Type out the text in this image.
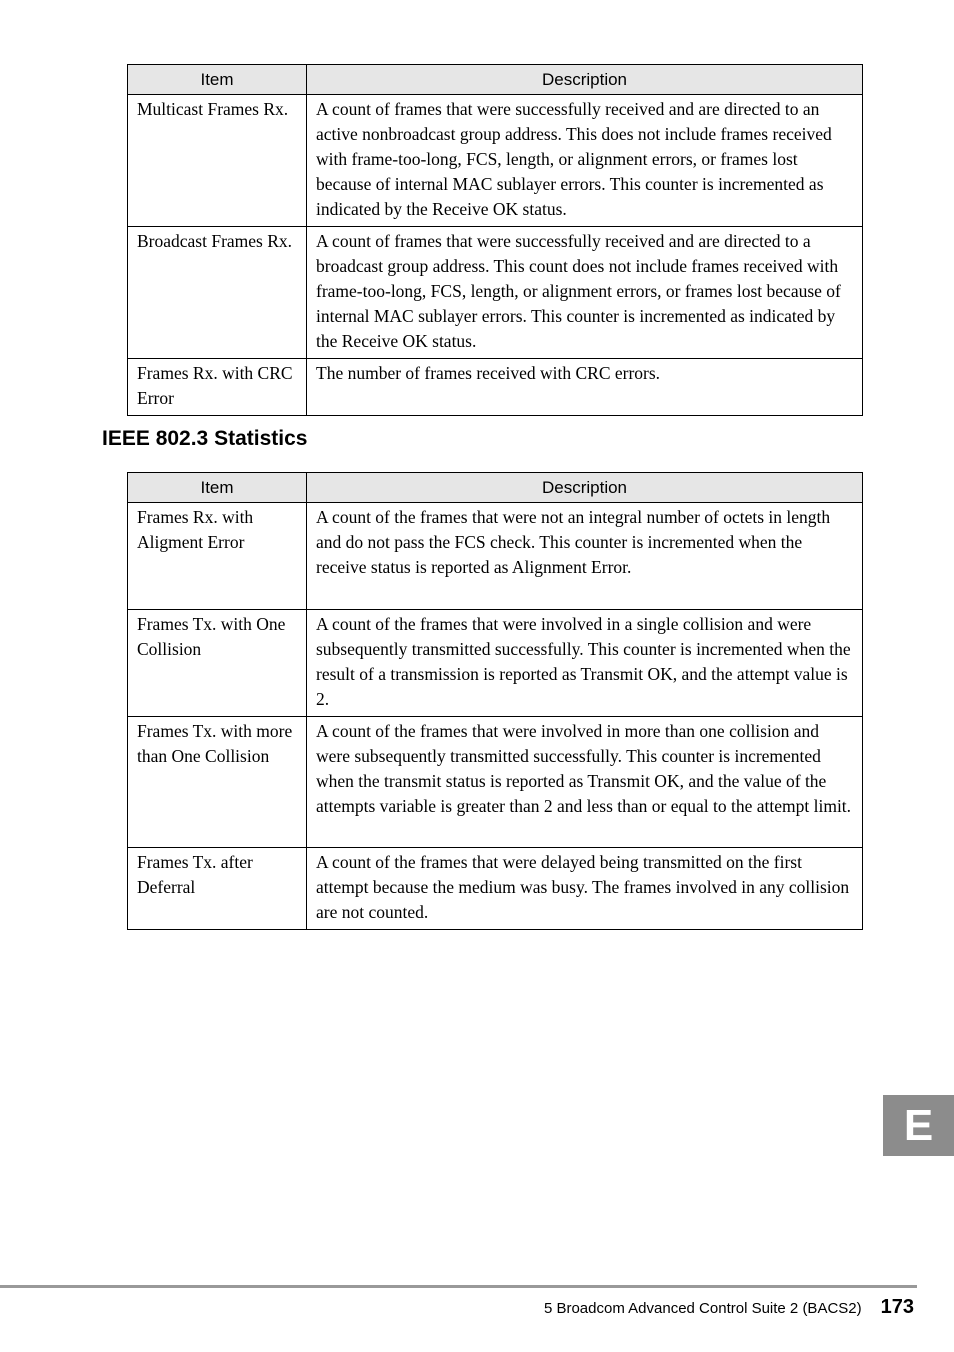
Item	Description
Multicast Frames Rx.	A count of frames that were successfully received and are directed to an active nonbroadcast group address. This does not include frames received with frame-too-long, FCS, length, or alignment errors, or frames lost because of internal MAC sublayer errors. This counter is incremented as indicated by the Receive OK status.
Broadcast Frames Rx.	A count of frames that were successfully received and are directed to a broadcast group address. This count does not include frames received with frame-too-long, FCS, length, or alignment errors, or frames lost because of internal MAC sublayer errors. This counter is incremented as indicated by the Receive OK status.
Frames Rx. with CRC Error	The number of frames received with CRC errors.
IEEE 802.3 Statistics
Item	Description
Frames Rx. with Aligment Error	A count of the frames that were not an integral number of octets in length and do not pass the FCS check. This counter is incremented when the receive status is reported as Alignment Error.
Frames Tx. with One Collision	A count of the frames that were involved in a single collision and were subsequently transmitted successfully. This counter is incremented when the result of a transmission is reported as Transmit OK, and the attempt value is 2.
Frames Tx. with more than One Collision	A count of the frames that were involved in more than one collision and were subsequently transmitted successfully. This counter is incremented when the transmit status is reported as Transmit OK, and the value of the attempts variable is greater than 2 and less than or equal to the attempt limit.
Frames Tx. after Deferral	A count of the frames that were delayed being transmitted on the first attempt because the medium was busy. The frames involved in any collision are not counted.
E
5 Broadcom Advanced Control Suite 2 (BACS2) 173
